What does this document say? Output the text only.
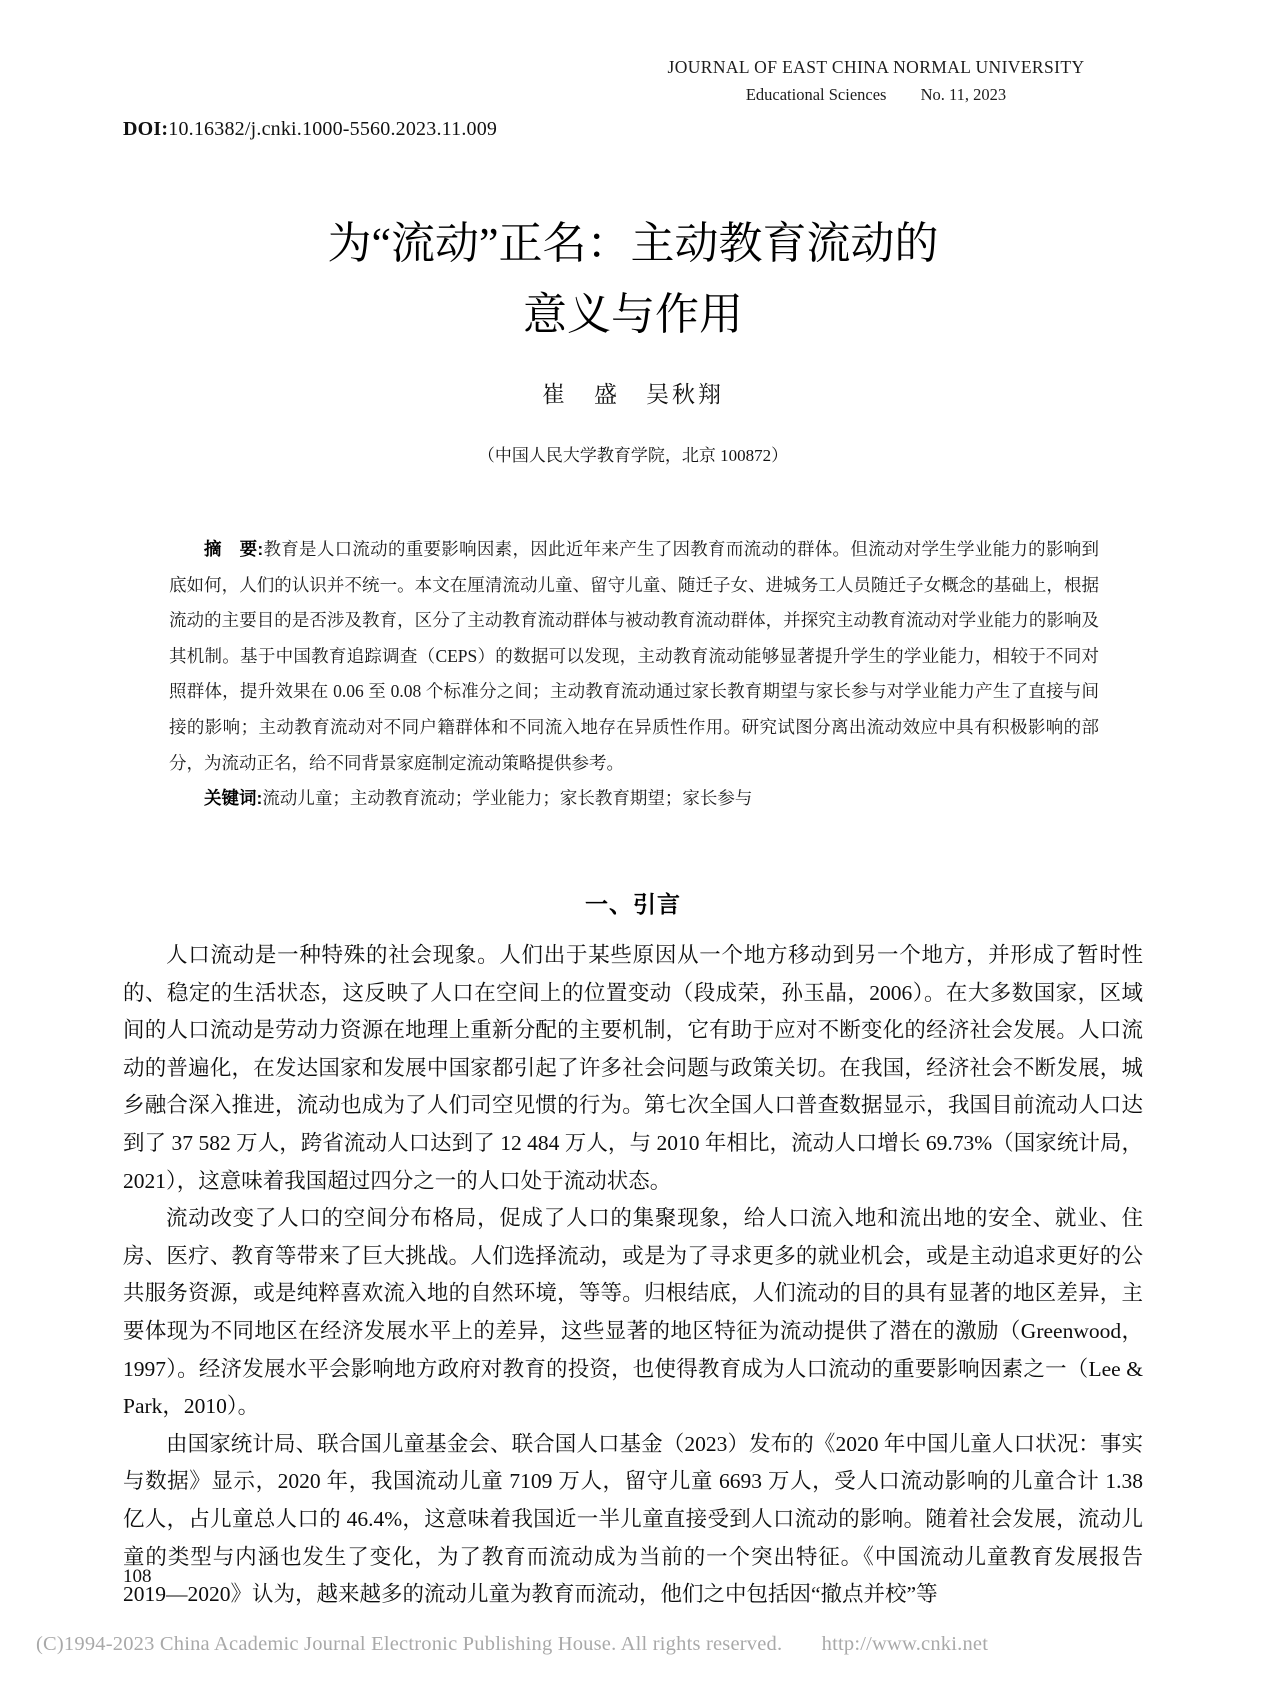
JOURNAL OF EAST CHINA NORMAL UNIVERSITY
Educational Sciences No. 11, 2023
DOI:10.16382/j.cnki.1000-5560.2023.11.009
为“流动”正名：主动教育流动的
意义与作用
崔　盛　吴秋翔
（中国人民大学教育学院，北京 100872）

摘　要:教育是人口流动的重要影响因素，因此近年来产生了因教育而流动的群体。但流动对学生学业能力的影响到底如何，人们的认识并不统一。本文在厘清流动儿童、留守儿童、随迁子女、进城务工人员随迁子女概念的基础上，根据流动的主要目的是否涉及教育，区分了主动教育流动群体与被动教育流动群体，并探究主动教育流动对学业能力的影响及其机制。基于中国教育追踪调查（CEPS）的数据可以发现，主动教育流动能够显著提升学生的学业能力，相较于不同对照群体，提升效果在 0.06 至 0.08 个标准分之间；主动教育流动通过家长教育期望与家长参与对学业能力产生了直接与间接的影响；主动教育流动对不同户籍群体和不同流入地存在异质性作用。研究试图分离出流动效应中具有积极影响的部分，为流动正名，给不同背景家庭制定流动策略提供参考。

关键词:流动儿童；主动教育流动；学业能力；家长教育期望；家长参与

一、引言

人口流动是一种特殊的社会现象。人们出于某些原因从一个地方移动到另一个地方，并形成了暂时性的、稳定的生活状态，这反映了人口在空间上的位置变动（段成荣，孙玉晶，2006）。在大多数国家，区域间的人口流动是劳动力资源在地理上重新分配的主要机制，它有助于应对不断变化的经济社会发展。人口流动的普遍化，在发达国家和发展中国家都引起了许多社会问题与政策关切。在我国，经济社会不断发展，城乡融合深入推进，流动也成为了人们司空见惯的行为。第七次全国人口普查数据显示，我国目前流动人口达到了 37 582 万人，跨省流动人口达到了 12 484 万人，与 2010 年相比，流动人口增长 69.73%（国家统计局，2021），这意味着我国超过四分之一的人口处于流动状态。

流动改变了人口的空间分布格局，促成了人口的集聚现象，给人口流入地和流出地的安全、就业、住房、医疗、教育等带来了巨大挑战。人们选择流动，或是为了寻求更多的就业机会，或是主动追求更好的公共服务资源，或是纯粹喜欢流入地的自然环境，等等。归根结底，人们流动的目的具有显著的地区差异，主要体现为不同地区在经济发展水平上的差异，这些显著的地区特征为流动提供了潜在的激励（Greenwood，1997）。经济发展水平会影响地方政府对教育的投资，也使得教育成为人口流动的重要影响因素之一（Lee & Park，2010）。

由国家统计局、联合国儿童基金会、联合国人口基金（2023）发布的《2020 年中国儿童人口状况：事实与数据》显示，2020 年，我国流动儿童 7109 万人，留守儿童 6693 万人，受人口流动影响的儿童合计 1.38 亿人，占儿童总人口的 46.4%，这意味着我国近一半儿童直接受到人口流动的影响。随着社会发展，流动儿童的类型与内涵也发生了变化，为了教育而流动成为当前的一个突出特征。《中国流动儿童教育发展报告 2019—2020》认为，越来越多的流动儿童为教育而流动，他们之中包括因“撤点并校”等

108
(C)1994-2023 China Academic Journal Electronic Publishing House. All rights reserved. http://www.cnki.net
